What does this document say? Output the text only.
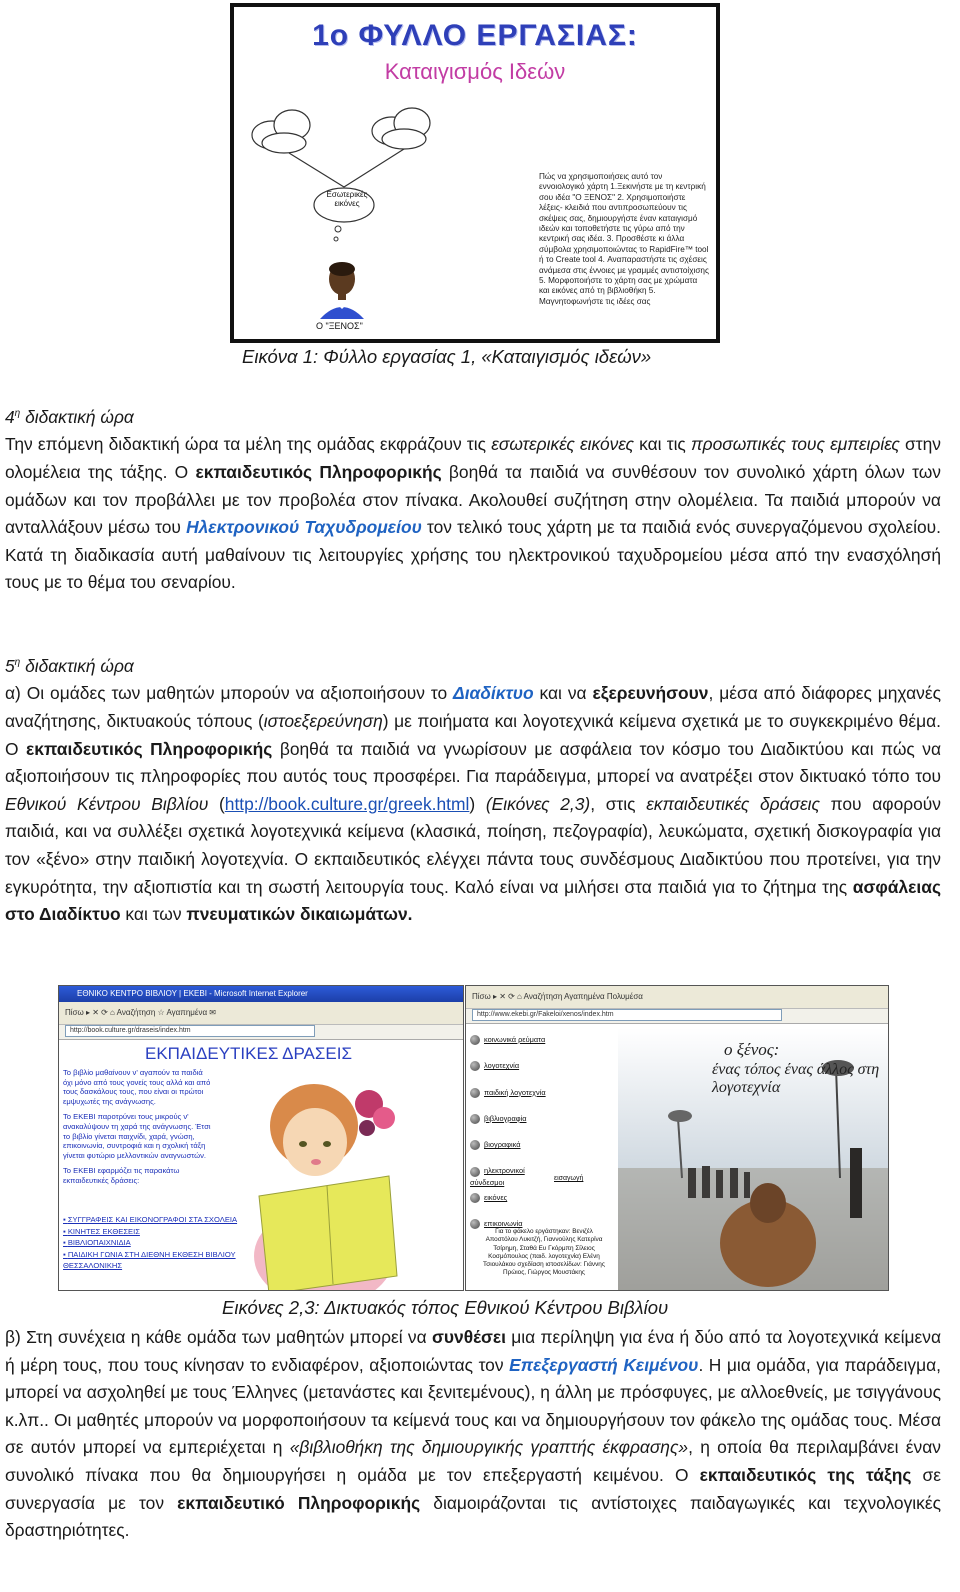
1ο ΦΥΛΛΟ ΕΡΓΑΣΙΑΣ:
Καταιγισμός Ιδεών
Εσωτερικές εικόνες
Ο "ΞΕΝΟΣ"
Πώς να χρησιμοποιήσεις αυτό τον εννοιολογικό χάρτη 1.Ξεκινήστε με τη κεντρική σου ιδέα "Ο ΞΕΝΟΣ" 2. Χρησιμοποιήστε λέξεις- κλειδιά που αντιπροσωπεύουν τις σκέψεις σας, δημιουργήστε έναν καταιγισμό ιδεών και τοποθετήστε τις γύρω από την κεντρική σας ιδέα. 3. Προσθέστε κι άλλα σύμβολα χρησιμοποιώντας το RapidFire™ tool ή το Create tool 4. Αναπαραστήστε τις σχέσεις ανάμεσα στις έννοιες με γραμμές αντιστοίχισης 5. Μορφοποιήστε το χάρτη σας με χρώματα και εικόνες από τη βιβλιοθήκη 5. Μαγνητοφωνήστε τις ιδέες σας
Εικόνα 1: Φύλλο εργασίας 1, «Καταιγισμός ιδεών»

$4^\eta$ διδακτική ώρα

Την επόμενη διδακτική ώρα τα μέλη της ομάδας εκφράζουν τις εσωτερικές εικόνες και τις προσωπικές τους εμπειρίες στην ολομέλεια της τάξης. Ο εκπαιδευτικός Πληροφορικής βοηθά τα παιδιά να συνθέσουν τον συνολικό χάρτη όλων των ομάδων και τον προβάλλει με τον προβολέα στον πίνακα. Ακολουθεί συζήτηση στην ολομέλεια. Τα παιδιά μπορούν να ανταλλάξουν μέσω του Ηλεκτρονικού Ταχυδρομείου τον τελικό τους χάρτη με τα παιδιά ενός συνεργαζόμενου σχολείου. Κατά τη διαδικασία αυτή μαθαίνουν τις λειτουργίες χρήσης του ηλεκτρονικού ταχυδρομείου μέσα από την ενασχόλησή τους με το θέμα του σεναρίου.

$5^\eta$ διδακτική ώρα

α) Οι ομάδες των μαθητών μπορούν να αξιοποιήσουν το Διαδίκτυο και να εξερευνήσουν, μέσα από διάφορες μηχανές αναζήτησης, δικτυακούς τόπους (ιστοεξερεύνηση) με ποιήματα και λογοτεχνικά κείμενα σχετικά με το συγκεκριμένο θέμα. Ο εκπαιδευτικός Πληροφορικής βοηθά τα παιδιά να γνωρίσουν με ασφάλεια τον κόσμο του Διαδικτύου και πώς να αξιοποιήσουν τις πληροφορίες που αυτός τους προσφέρει. Για παράδειγμα, μπορεί να ανατρέξει στον δικτυακό τόπο του Εθνικού Κέντρου Βιβλίου (http://book.culture.gr/greek.html) (Εικόνες 2,3), στις εκπαιδευτικές δράσεις που αφορούν παιδιά, και να συλλέξει σχετικά λογοτεχνικά κείμενα (κλασικά, ποίηση, πεζογραφία), λευκώματα, σχετική δισκογραφία για τον «ξένο» στην παιδική λογοτεχνία. Ο εκπαιδευτικός ελέγχει πάντα τους συνδέσμους Διαδικτύου που προτείνει, για την εγκυρότητα, την αξιοπιστία και τη σωστή λειτουργία τους. Καλό είναι να μιλήσει στα παιδιά για το ζήτημα της ασφάλειας στο Διαδίκτυο και των πνευματικών δικαιωμάτων.

ΕΘΝΙΚΟ ΚΕΝΤΡΟ ΒΙΒΛΙΟΥ | ΕΚΕΒΙ - Microsoft Internet Explorer
Πίσω ▸ ✕ ⟳ ⌂ Αναζήτηση ☆ Αγαπημένα ✉
http://book.culture.gr/draseis/index.htm
ΕΚΠΑΙΔΕΥΤΙΚΕΣ ΔΡΑΣΕΙΣ
Το βιβλίο μαθαίνουν ν' αγαπούν τα παιδιά όχι μόνο από τους γονείς τους αλλά και από τους δασκάλους τους, που είναι οι πρώτοι εμψυχωτές της ανάγνωσης.
Το ΕΚΕΒΙ παροτρύνει τους μικρούς ν' ανακαλύψουν τη χαρά της ανάγνωσης. Έτσι το βιβλίο γίνεται παιχνίδι, χαρά, γνώση, επικοινωνία, συντροφιά και η σχολική τάξη γίνεται φυτώριο μελλοντικών αναγνωστών.
Το ΕΚΕΒΙ εφαρμόζει τις παρακάτω εκπαιδευτικές δράσεις:
▪ ΣΥΓΓΡΑΦΕΙΣ ΚΑΙ ΕΙΚΟΝΟΓΡΑΦΟΙ ΣΤΑ ΣΧΟΛΕΙΑ
▪ ΚΙΝΗΤΕΣ ΕΚΘΕΣΕΙΣ
▪ ΒΙΒΛΙΟΠΑΙΧΝΙΔΙΑ
▪ ΠΑΙΔΙΚΗ ΓΩΝΙΑ ΣΤΗ ΔΙΕΘΝΗ ΕΚΘΕΣΗ ΒΙΒΛΙΟΥ ΘΕΣΣΑΛΟΝΙΚΗΣ
Πίσω ▸ ✕ ⟳ ⌂ Αναζήτηση Αγαπημένα Πολυμέσα
http://www.ekebi.gr/Fakeloi/xenos/index.htm
ο ξένος:
ένας τόπος ένας άλλος στη λογοτεχνία
κοινωνικά ρεύματα
λογοτεχνία
παιδική λογοτεχνία
βιβλιογραφία
βιογραφικά
ηλεκτρονικοί σύνδεσμοι
εικόνες
επικοινωνία
εισαγωγή
Για το φάκελο εργάστηκαν: Βενιζέλ Αποστόλου Λυκιτζή, Γιαννούλης Κατερίνα Τσίρημη, Σταθά Ευ Γκόρμπη Σίλειος Κοσμόπουλος (παιδ. λογοτεχνία) Ελένη Τσιουλάκου σχεδίαση ιστοσελίδων: Γιάννης Πρώιος, Γιώργος Μουστάκης
Εικόνες 2,3: Δικτυακός τόπος Εθνικού Κέντρου Βιβλίου

β) Στη συνέχεια η κάθε ομάδα των μαθητών μπορεί να συνθέσει μια περίληψη για ένα ή δύο από τα λογοτεχνικά κείμενα ή μέρη τους, που τους κίνησαν το ενδιαφέρον, αξιοποιώντας τον Επεξεργαστή Κειμένου. Η μια ομάδα, για παράδειγμα, μπορεί να ασχοληθεί με τους Έλληνες (μετανάστες και ξενιτεμένους), η άλλη με πρόσφυγες, με αλλοεθνείς, με τσιγγάνους κ.λπ.. Οι μαθητές μπορούν να μορφοποιήσουν τα κείμενά τους και να δημιουργήσουν τον φάκελο της ομάδας τους. Μέσα σε αυτόν μπορεί να εμπεριέχεται η «βιβλιοθήκη της δημιουργικής γραπτής έκφρασης», η οποία θα περιλαμβάνει έναν συνολικό πίνακα που θα δημιουργήσει η ομάδα με τον επεξεργαστή κειμένου. Ο εκπαιδευτικός της τάξης σε συνεργασία με τον εκπαιδευτικό Πληροφορικής διαμοιράζονται τις αντίστοιχες παιδαγωγικές και τεχνολογικές δραστηριότητες.
